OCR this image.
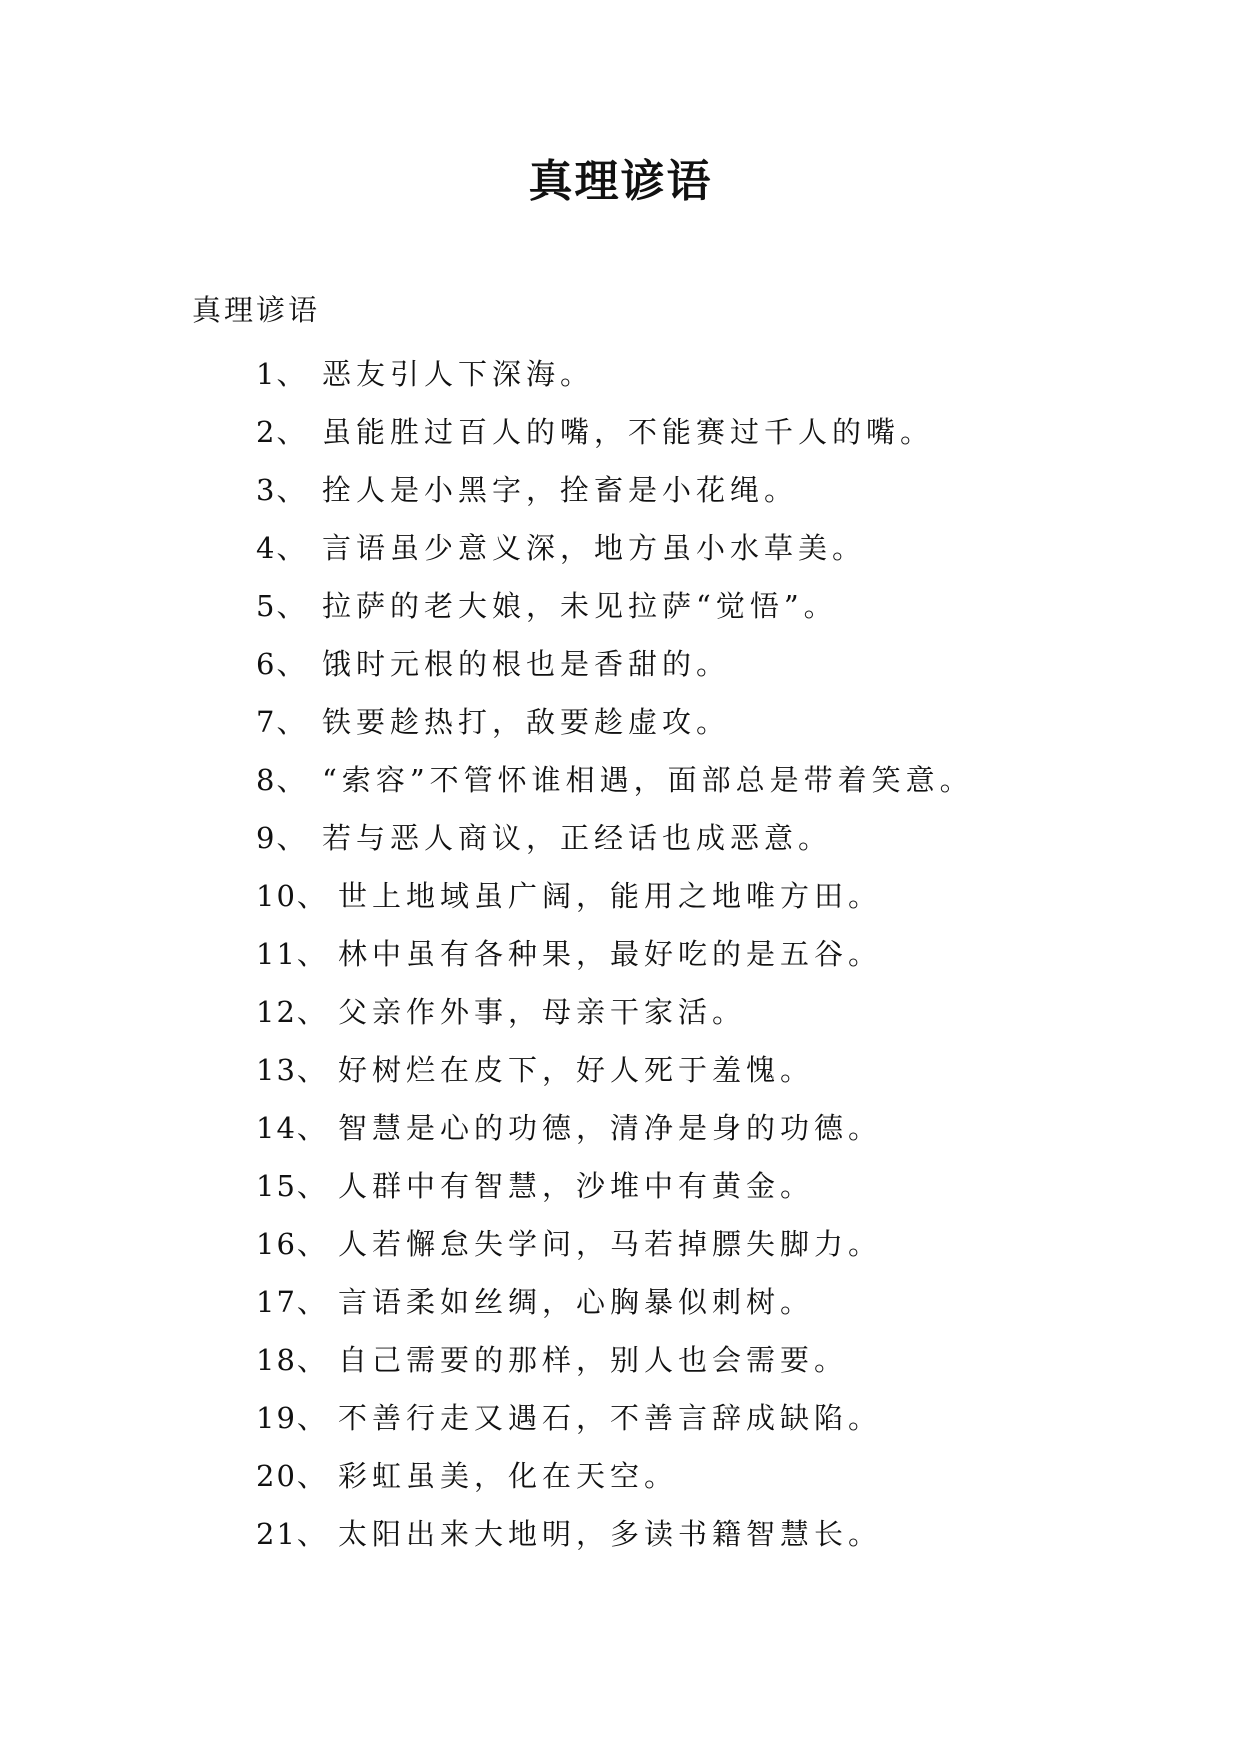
真理谚语
真理谚语
1、 恶友引人下深海。
2、 虽能胜过百人的嘴，不能赛过千人的嘴。
3、 拴人是小黑字，拴畜是小花绳。
4、 言语虽少意义深，地方虽小水草美。
5、 拉萨的老大娘，未见拉萨“觉悟”。
6、 饿时元根的根也是香甜的。
7、 铁要趁热打，敌要趁虚攻。
8、 “索容”不管怀谁相遇，面部总是带着笑意。
9、 若与恶人商议，正经话也成恶意。
10、 世上地域虽广阔，能用之地唯方田。
11、 林中虽有各种果，最好吃的是五谷。
12、 父亲作外事，母亲干家活。
13、 好树烂在皮下，好人死于羞愧。
14、 智慧是心的功德，清净是身的功德。
15、 人群中有智慧，沙堆中有黄金。
16、 人若懈怠失学问，马若掉膘失脚力。
17、 言语柔如丝绸，心胸暴似刺树。
18、 自己需要的那样，别人也会需要。
19、 不善行走又遇石，不善言辞成缺陷。
20、 彩虹虽美，化在天空。
21、 太阳出来大地明，多读书籍智慧长。
